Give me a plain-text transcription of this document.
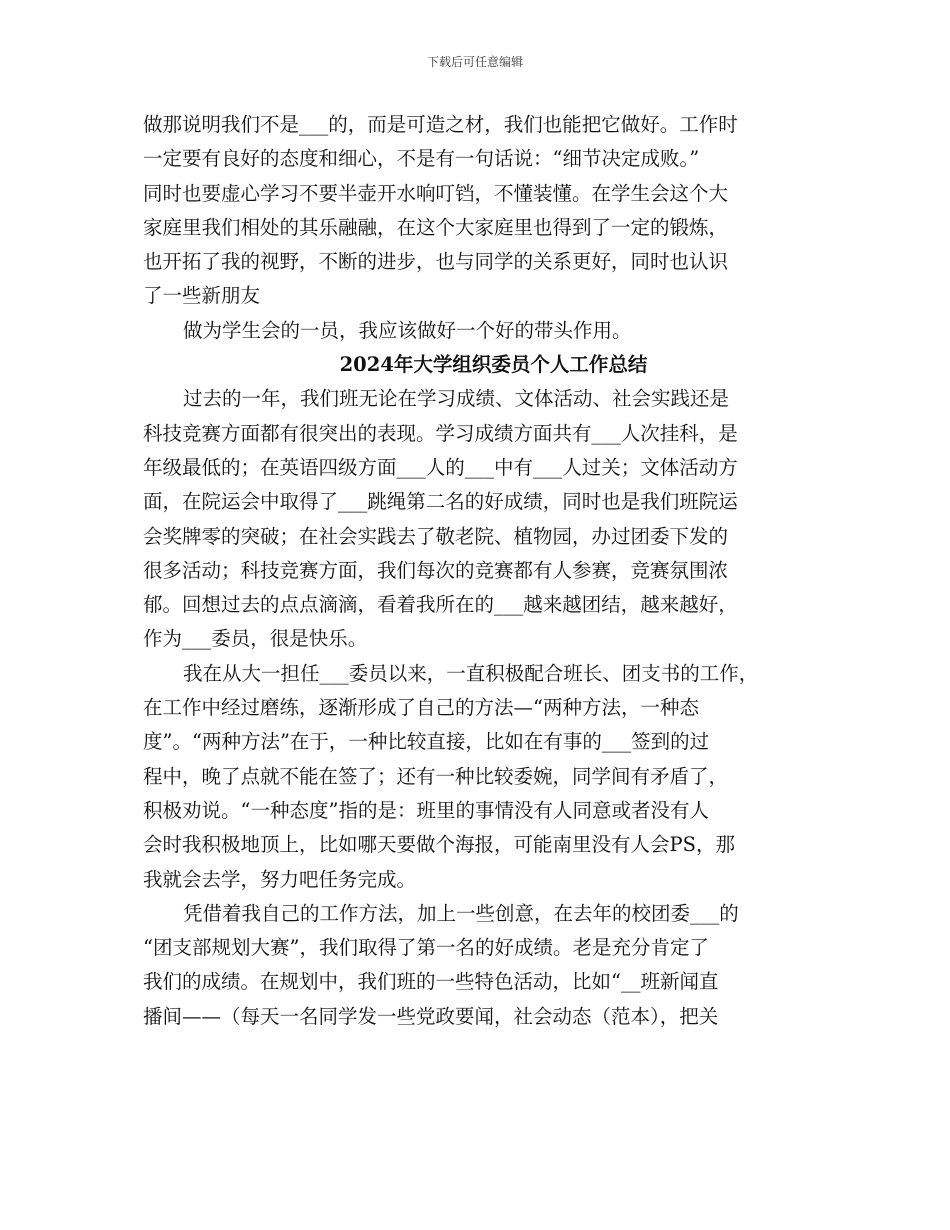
下载后可任意编辑
做那说明我们不是___的，而是可造之材，我们也能把它做好。工作时
一定要有良好的态度和细心，不是有一句话说：“细节决定成败。”
同时也要虚心学习不要半壶开水响叮铛，不懂装懂。在学生会这个大
家庭里我们相处的其乐融融，在这个大家庭里也得到了一定的锻炼，
也开拓了我的视野，不断的进步，也与同学的关系更好，同时也认识
了一些新朋友
做为学生会的一员，我应该做好一个好的带头作用。
2024年大学组织委员个人工作总结
过去的一年，我们班无论在学习成绩、文体活动、社会实践还是
科技竞赛方面都有很突出的表现。学习成绩方面共有___人次挂科，是
年级最低的；在英语四级方面___人的___中有___人过关；文体活动方
面，在院运会中取得了___跳绳第二名的好成绩，同时也是我们班院运
会奖牌零的突破；在社会实践去了敬老院、植物园，办过团委下发的
很多活动；科技竞赛方面，我们每次的竞赛都有人参赛，竞赛氛围浓
郁。回想过去的点点滴滴，看着我所在的___越来越团结，越来越好，
作为___委员，很是快乐。
我在从大一担任___委员以来，一直积极配合班长、团支书的工作，
在工作中经过磨练，逐渐形成了自己的方法—“两种方法，一种态
度”。“两种方法”在于，一种比较直接，比如在有事的___签到的过
程中，晚了点就不能在签了；还有一种比较委婉，同学间有矛盾了，
积极劝说。“一种态度”指的是：班里的事情没有人同意或者没有人
会时我积极地顶上，比如哪天要做个海报，可能南里没有人会PS，那
我就会去学，努力吧任务完成。
凭借着我自己的工作方法，加上一些创意，在去年的校团委___的
“团支部规划大赛”，我们取得了第一名的好成绩。老是充分肯定了
我们的成绩。在规划中，我们班的一些特色活动，比如“__班新闻直
播间——（每天一名同学发一些党政要闻，社会动态（范本），把关
